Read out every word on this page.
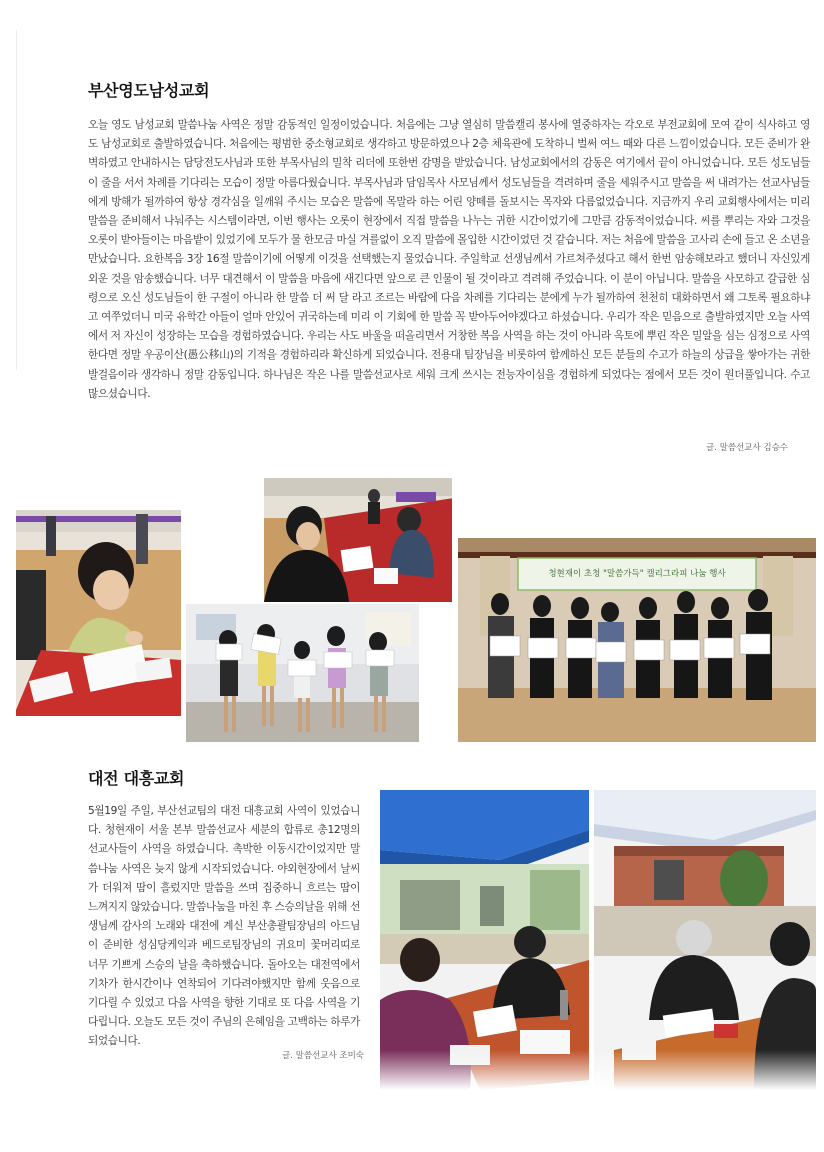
부산영도남성교회

오늘 영도 남성교회 말씀나눔 사역은 정말 감동적인 일정이었습니다. 처음에는 그냥 열심히 말씀캘리 봉사에 열중하자는 각오로 부전교회에 모여 같이 식사하고 영도 남성교회로 출발하였습니다. 처음에는 평범한 중소형교회로 생각하고 방문하였으나 2층 체육관에 도착하니 벌써 여느 때와 다른 느낌이었습니다. 모든 준비가 완벽하였고 안내하시는 담당전도사님과 또한 부목사님의 밀착 리더에 또한번 감명을 받았습니다. 남성교회에서의 감동은 여기에서 끝이 아니었습니다. 모든 성도님들이 줄을 서서 차례를 기다리는 모습이 정말 아름다웠습니다. 부목사님과 담임목사 사모님께서 성도님들을 격려하며 줄을 세워주시고 말씀을 써 내려가는 선교사님들에게 방해가 될까하여 항상 경각심을 일깨워 주시는 모습은 말씀에 목말라 하는 어린 양떼를 돌보시는 목자와 다름없었습니다. 지금까지 우리 교회행사에서는 미리 말씀을 준비해서 나눠주는 시스템이라면, 이번 행사는 오롯이 현장에서 직접 말씀을 나누는 귀한 시간이었기에 그만큼 감동적이었습니다. 씨를 뿌리는 자와 그것을 오롯이 받아들이는 마음밭이 있었기에 모두가 물 한모금 마실 겨를없이 오직 말씀에 몰입한 시간이었던 것 같습니다. 저는 처음에 말씀을 고사리 손에 들고 온 소년을 만났습니다. 요한복음 3장 16절 말씀이기에 어떻게 이것을 선택했는지 물었습니다. 주일학교 선생님께서 가르쳐주셨다고 해서 한번 암송해보라고 했더니 자신있게 외운 것을 암송했습니다. 너무 대견해서 이 말씀을 마음에 새긴다면 앞으로 큰 인물이 될 것이라고 격려해 주었습니다. 이 분이 아닙니다. 말씀을 사모하고 갈급한 심령으로 오신 성도님들이 한 구절이 아니라 한 말씀 더 써 달 라고 조르는 바람에 다음 차례를 기다리는 분에게 누가 될까하여 천천히 대화하면서 왜 그토록 필요하냐고 여쭈었더니 미국 유학간 아들이 얼마 안있어 귀국하는데 미리 이 기회에 한 말씀 꼭 받아두어야겠다고 하셨습니다. 우리가 작은 믿음으로 출발하였지만 오늘 사역에서 저 자신이 성장하는 모습을 경험하였습니다. 우리는 사도 바울을 떠올리면서 거창한 복음 사역을 하는 것이 아니라 옥토에 뿌린 작은 밀알을 심는 심정으로 사역한다면 정말 우공이산(愚公移山)의 기적을 경험하리라 확신하게 되었습니다. 전용대 팀장님을 비롯하여 함께하신 모든 분들의 수고가 하늘의 상급을 쌓아가는 귀한 발걸음이라 생각하니 정말 감동입니다. 하나님은 작은 나를 말씀선교사로 세워 크게 쓰시는 전능자이심을 경험하게 되었다는 점에서 모든 것이 원더풀입니다. 수고 많으셨습니다.

글. 말씀선교사 김승수
청현재이 초청 "말씀가득" 캘리그라피 나눔 행사
대전 대흥교회

5월19일 주일, 부산선교팀의 대전 대흥교회 사역이 있었습니다. 청현재이 서울 본부 말씀선교사 세분의 합류로 총12명의 선교사들이 사역을 하였습니다. 촉박한 이동시간이었지만 말씀나눔 사역은 늦지 않게 시작되었습니다. 야외현장에서 날씨가 더워져 땀이 흘렀지만 말씀을 쓰며 집중하니 흐르는 땀이 느껴지지 않았습니다. 말씀나눔을 마친 후 스승의날을 위해 선생님께 감사의 노래와 대전에 계신 부산총괄팀장님의 아드님이 준비한 성심당케익과 베드로팀장님의 귀요미 꽃머리띠로 너무 기쁘게 스승의 날을 축하했습니다. 돌아오는 대전역에서 기차가 한시간이나 연착되어 기다려야했지만 함께 웃음으로 기다릴 수 있었고 다음 사역을 향한 기대로 또 다음 사역을 기다립니다. 오늘도 모든 것이 주님의 은혜임을 고백하는 하루가 되었습니다.

글. 말씀선교사 조미숙
